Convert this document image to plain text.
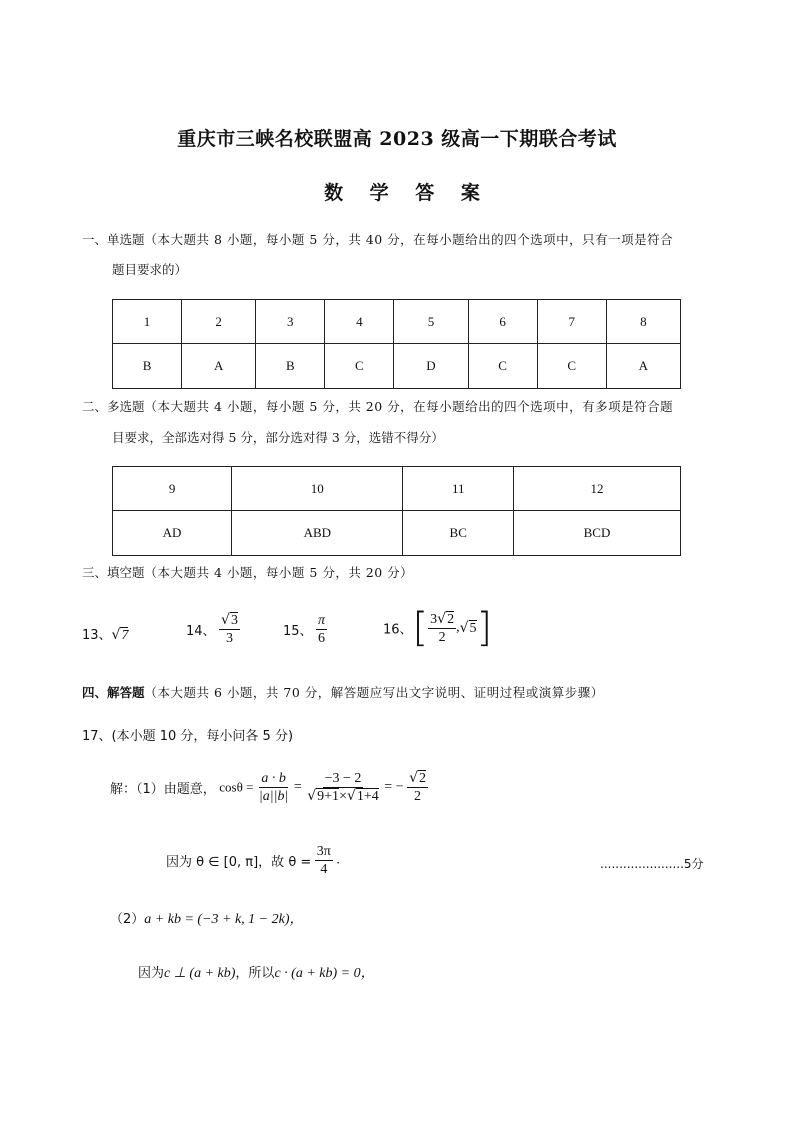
重庆市三峡名校联盟高 2023 级高一下期联合考试
数 学 答 案
一、单选题（本大题共 8 小题，每小题 5 分，共 40 分，在每小题给出的四个选项中，只有一项是符合
题目要求的）
1	2	3	4	5	6	7	8
B	A	B	C	D	C	C	A
二、多选题（本大题共 4 小题，每小题 5 分，共 20 分，在每小题给出的四个选项中，有多项是符合题
目要求，全部选对得 5 分，部分选对得 3 分，选错不得分）
9	10	11	12
AD	ABD	BC	BCD
三、填空题（本大题共 4 小题，每小题 5 分，共 20 分）
13、√7	14、 $\frac{√3}{3}$	15、 $\frac{\pi}{6}$	16、[ $\frac{3√2}{2} ,√5$]
四、解答题（本大题共 6 小题，共 70 分，解答题应写出文字说明、证明过程或演算步骤）
17、(本小题 10 分，每小问各 5 分)
解：（1）由题意， $\cos\theta = \frac{a \cdot b}{|a||b|} = \frac{-3 - 2}{√9+1\times√1+4}$ = − $\frac{√2}{2}$
因为 θ ∈ [0, π]，故 $\theta = \frac{3\pi}{4}$ .	......................5分
（2）a + kb = (−3 + k, 1 − 2k)，
因为c ⊥ (a + kb)，所以c · (a + kb) = 0，
